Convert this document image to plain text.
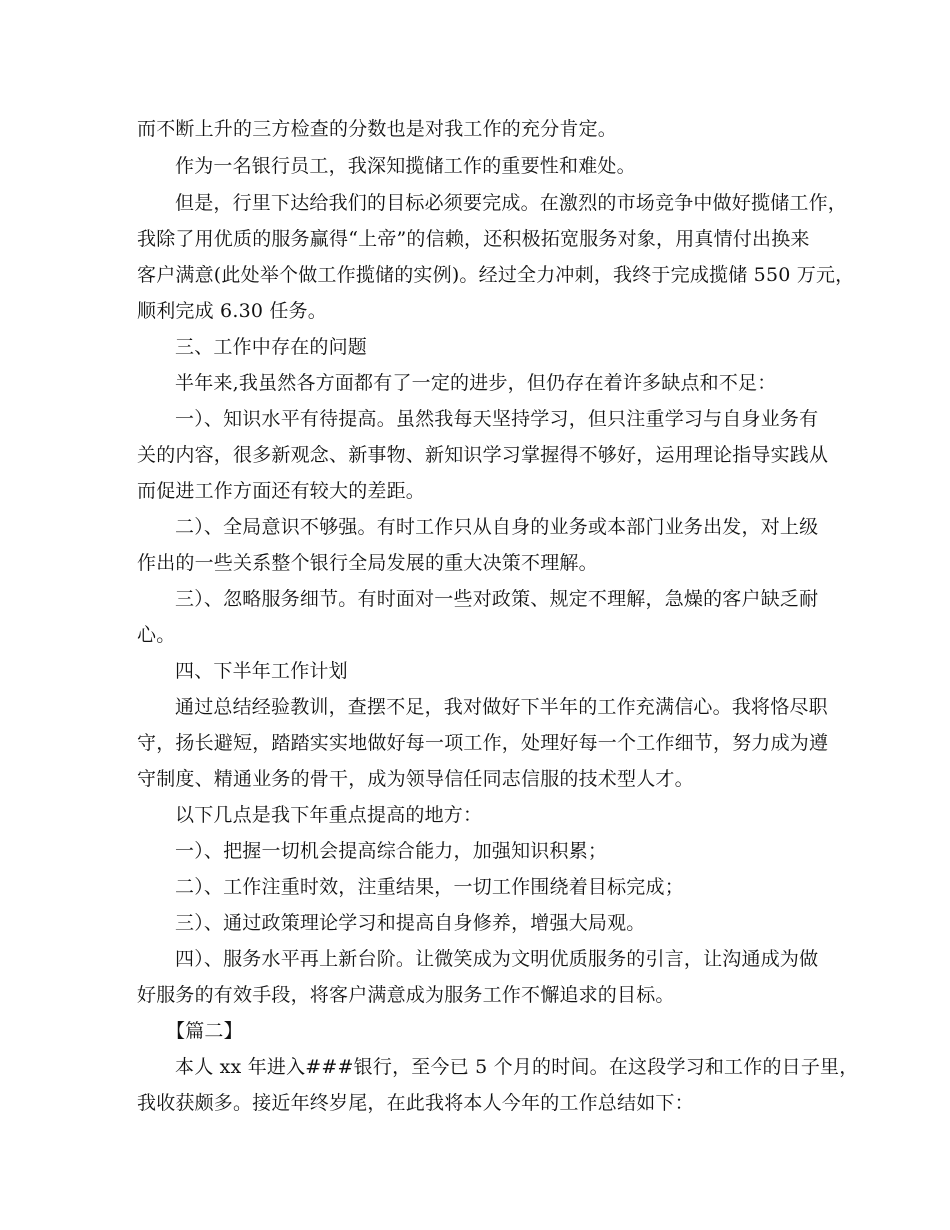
而不断上升的三方检查的分数也是对我工作的充分肯定。
作为一名银行员工，我深知揽储工作的重要性和难处。
但是，行里下达给我们的目标必须要完成。在激烈的市场竞争中做好揽储工作，
我除了用优质的服务赢得“上帝”的信赖，还积极拓宽服务对象，用真情付出换来
客户满意(此处举个做工作揽储的实例)。经过全力冲刺，我终于完成揽储 550 万元，
顺利完成 6.30 任务。
三、工作中存在的问题
半年来,我虽然各方面都有了一定的进步，但仍存在着许多缺点和不足：
一）、知识水平有待提高。虽然我每天坚持学习，但只注重学习与自身业务有
关的内容，很多新观念、新事物、新知识学习掌握得不够好，运用理论指导实践从
而促进工作方面还有较大的差距。
二）、全局意识不够强。有时工作只从自身的业务或本部门业务出发，对上级
作出的一些关系整个银行全局发展的重大决策不理解。
三）、忽略服务细节。有时面对一些对政策、规定不理解，急燥的客户缺乏耐
心。
四、下半年工作计划
通过总结经验教训，查摆不足，我对做好下半年的工作充满信心。我将恪尽职
守，扬长避短，踏踏实实地做好每一项工作，处理好每一个工作细节，努力成为遵
守制度、精通业务的骨干，成为领导信任同志信服的技术型人才。
以下几点是我下年重点提高的地方：
一）、把握一切机会提高综合能力，加强知识积累；
二）、工作注重时效，注重结果，一切工作围绕着目标完成；
三）、通过政策理论学习和提高自身修养，增强大局观。
四）、服务水平再上新台阶。让微笑成为文明优质服务的引言，让沟通成为做
好服务的有效手段，将客户满意成为服务工作不懈追求的目标。
【篇二】
本人 xx 年进入###银行，至今已 5 个月的时间。在这段学习和工作的日子里，
我收获颇多。接近年终岁尾，在此我将本人今年的工作总结如下：
